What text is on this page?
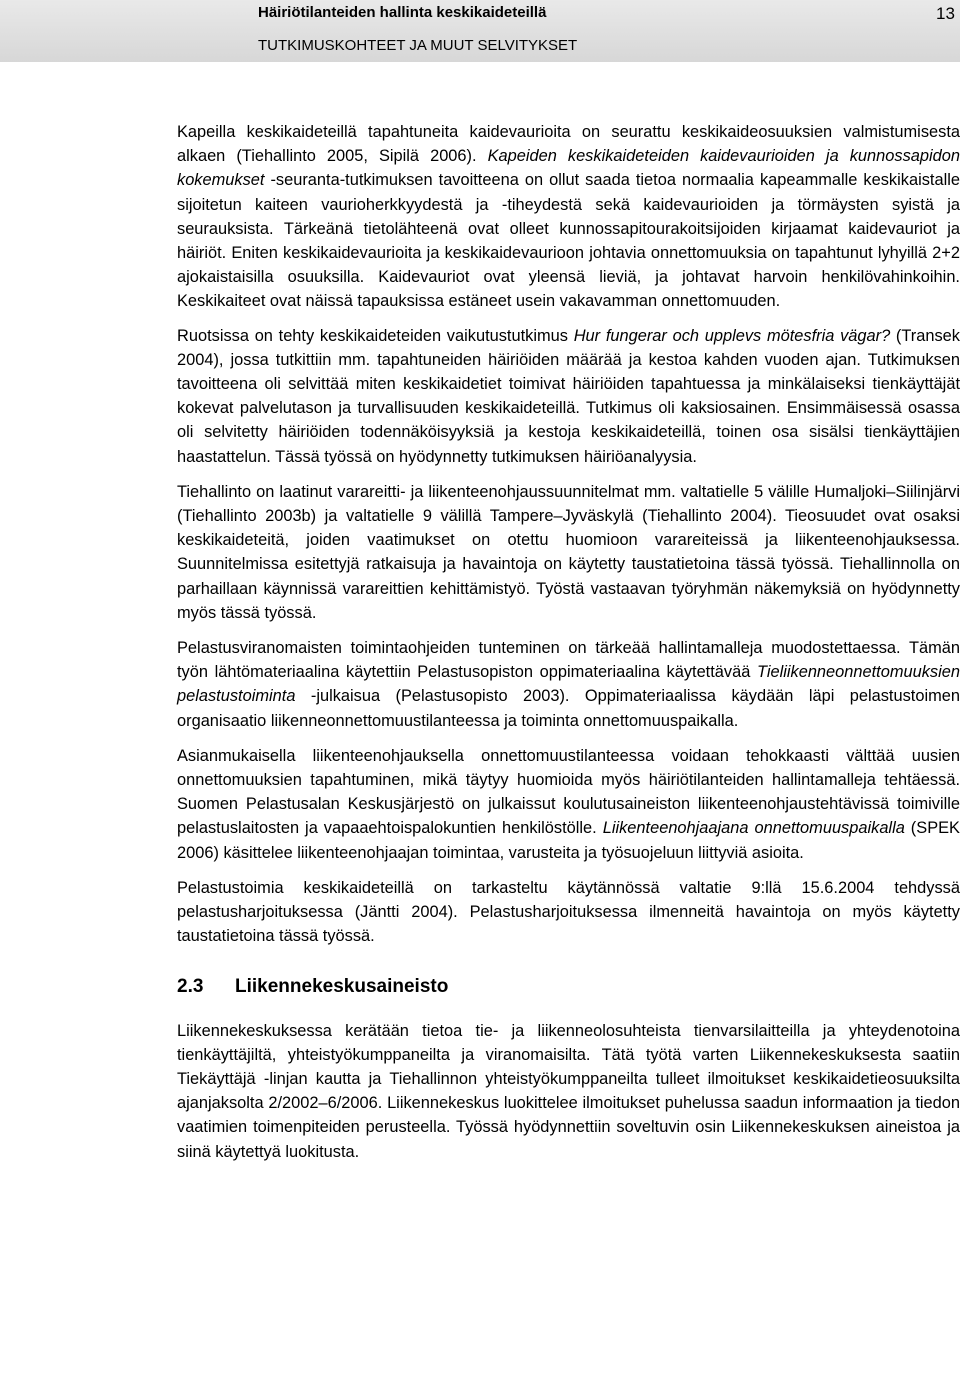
Häiriötilanteiden hallinta keskikaideteillä
TUTKIMUSKOHTEET JA MUUT SELVITYKSET
13

Kapeilla keskikaideteillä tapahtuneita kaidevaurioita on seurattu keskikaideosuuksien valmistumisesta alkaen (Tiehallinto 2005, Sipilä 2006). Kapeiden keskikaideteiden kaidevaurioiden ja kunnossapidon kokemukset -seuranta-tutkimuksen tavoitteena on ollut saada tietoa normaalia kapeammalle keskikaistalle sijoitetun kaiteen vaurioherkkyydestä ja -tiheydestä sekä kaidevaurioiden ja törmäysten syistä ja seurauksista. Tärkeänä tietolähteenä ovat olleet kunnossapitourakoitsijoiden kirjaamat kaidevauriot ja häiriöt. Eniten keskikaidevaurioita ja keskikaidevaurioon johtavia onnettomuuksia on tapahtunut lyhyillä 2+2 ajokaistaisilla osuuksilla. Kaidevauriot ovat yleensä lieviä, ja johtavat harvoin henkilövahinkoihin. Keskikaiteet ovat näissä tapauksissa estäneet usein vakavamman onnettomuuden.

Ruotsissa on tehty keskikaideteiden vaikutustutkimus Hur fungerar och upplevs mötesfria vägar? (Transek 2004), jossa tutkittiin mm. tapahtuneiden häiriöiden määrää ja kestoa kahden vuoden ajan. Tutkimuksen tavoitteena oli selvittää miten keskikaidetiet toimivat häiriöiden tapahtuessa ja minkälaiseksi tienkäyttäjät kokevat palvelutason ja turvallisuuden keskikaideteillä. Tutkimus oli kaksiosainen. Ensimmäisessä osassa oli selvitetty häiriöiden todennäköisyyksiä ja kestoja keskikaideteillä, toinen osa sisälsi tienkäyttäjien haastattelun. Tässä työssä on hyödynnetty tutkimuksen häiriöanalyysia.

Tiehallinto on laatinut varareitti- ja liikenteenohjaussuunnitelmat mm. valtatielle 5 välille Humaljoki–Siilinjärvi (Tiehallinto 2003b) ja valtatielle 9 välillä Tampere–Jyväskylä (Tiehallinto 2004). Tieosuudet ovat osaksi keskikaideteitä, joiden vaatimukset on otettu huomioon varareiteissä ja liikenteenohjauksessa. Suunnitelmissa esitettyjä ratkaisuja ja havaintoja on käytetty taustatietoina tässä työssä. Tiehallinnolla on parhaillaan käynnissä varareittien kehittämistyö. Työstä vastaavan työryhmän näkemyksiä on hyödynnetty myös tässä työssä.

Pelastusviranomaisten toimintaohjeiden tunteminen on tärkeää hallintamalleja muodostettaessa. Tämän työn lähtömateriaalina käytettiin Pelastusopiston oppimateriaalina käytettävää Tieliikenneonnettomuuksien pelastustoiminta -julkaisua (Pelastusopisto 2003). Oppimateriaalissa käydään läpi pelastustoimen organisaatio liikenneonnettomuustilanteessa ja toiminta onnettomuuspaikalla.

Asianmukaisella liikenteenohjauksella onnettomuustilanteessa voidaan tehokkaasti välttää uusien onnettomuuksien tapahtuminen, mikä täytyy huomioida myös häiriötilanteiden hallintamalleja tehtäessä. Suomen Pelastusalan Keskusjärjestö on julkaissut koulutusaineiston liikenteenohjaustehtävissä toimiville pelastuslaitosten ja vapaaehtoispalokuntien henkilöstölle. Liikenteenohjaajana onnettomuuspaikalla (SPEK 2006) käsittelee liikenteenohjaajan toimintaa, varusteita ja työsuojeluun liittyviä asioita.

Pelastustoimia keskikaideteillä on tarkasteltu käytännössä valtatie 9:llä 15.6.2004 tehdyssä pelastusharjoituksessa (Jäntti 2004). Pelastusharjoituksessa ilmenneitä havaintoja on myös käytetty taustatietoina tässä työssä.

2.3 Liikennekeskusaineisto

Liikennekeskuksessa kerätään tietoa tie- ja liikenneolosuhteista tienvarsilaitteilla ja yhteydenotoina tienkäyttäjiltä, yhteistyökumppaneilta ja viranomaisilta. Tätä työtä varten Liikennekeskuksesta saatiin Tiekäyttäjä -linjan kautta ja Tiehallinnon yhteistyökumppaneilta tulleet ilmoitukset keskikaidetieosuuksilta ajanjaksolta 2/2002–6/2006. Liikennekeskus luokittelee ilmoitukset puhelussa saadun informaation ja tiedon vaatimien toimenpiteiden perusteella. Työssä hyödynnettiin soveltuvin osin Liikennekeskuksen aineistoa ja siinä käytettyä luokitusta.
